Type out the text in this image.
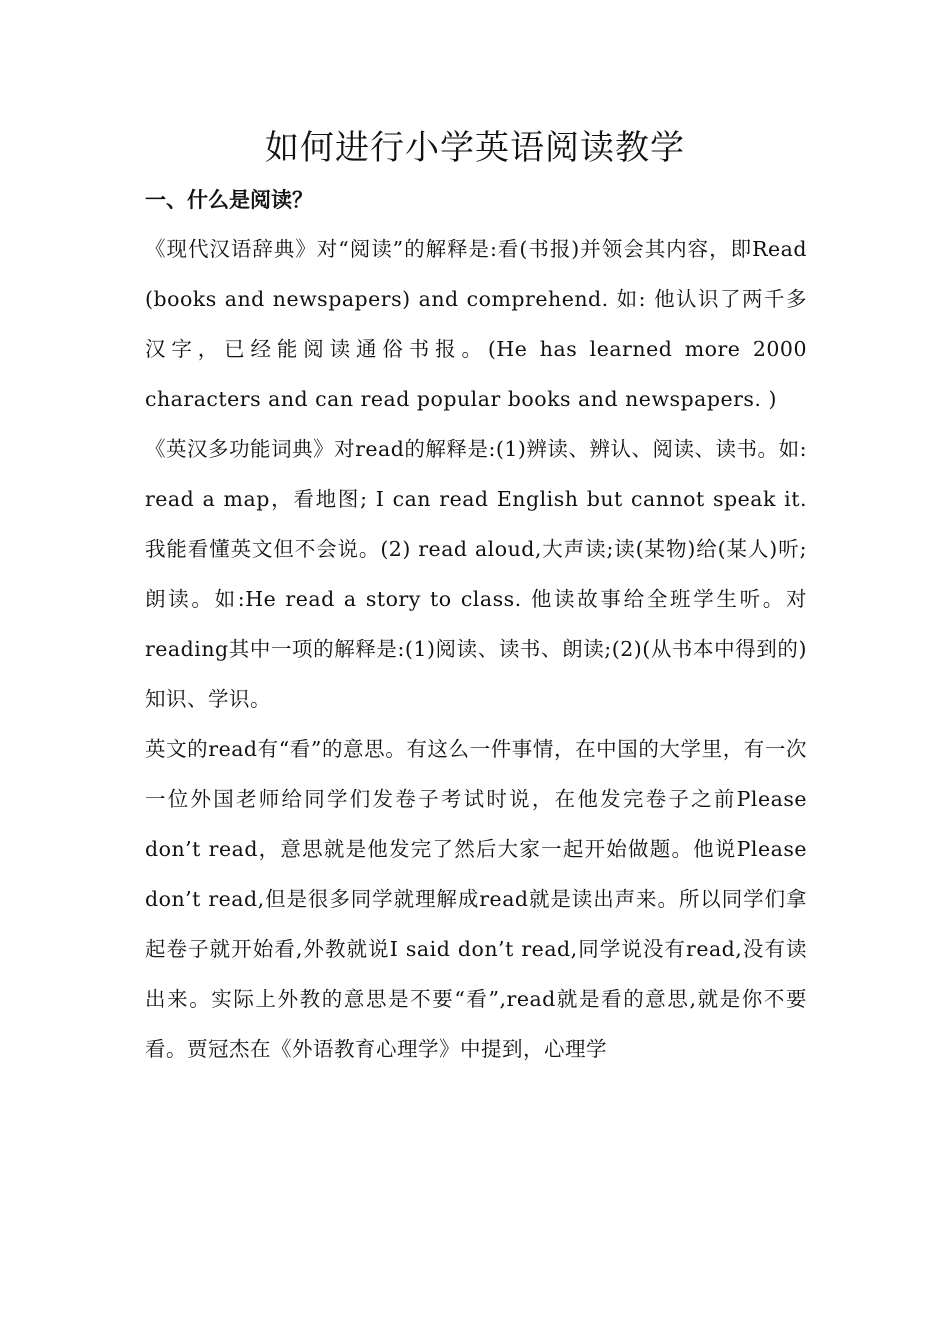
如何进行小学英语阅读教学
一、什么是阅读？

《现代汉语辞典》对“阅读”的解释是:看(书报)并领会其内容，即Read (books and newspapers) and comprehend. 如: 他认识了两千多汉字，已经能阅读通俗书报。(He has learned more 2000 characters and can read popular books and newspapers. )

《英汉多功能词典》对read的解释是:(1)辨读、辨认、阅读、读书。如: read a map，看地图; I can read English but cannot speak it. 我能看懂英文但不会说。(2) read aloud,大声读;读(某物)给(某人)听;朗读。如:He read a story to class. 他读故事给全班学生听。对reading其中一项的解释是:(1)阅读、读书、朗读;(2)(从书本中得到的)知识、学识。

英文的read有“看”的意思。有这么一件事情，在中国的大学里，有一次一位外国老师给同学们发卷子考试时说，在他发完卷子之前Please don’t read，意思就是他发完了然后大家一起开始做题。他说Please don’t read,但是很多同学就理解成read就是读出声来。所以同学们拿起卷子就开始看,外教就说I said don’t read,同学说没有read,没有读出来。实际上外教的意思是不要“看”,read就是看的意思,就是你不要看。贾冠杰在《外语教育心理学》中提到，心理学
